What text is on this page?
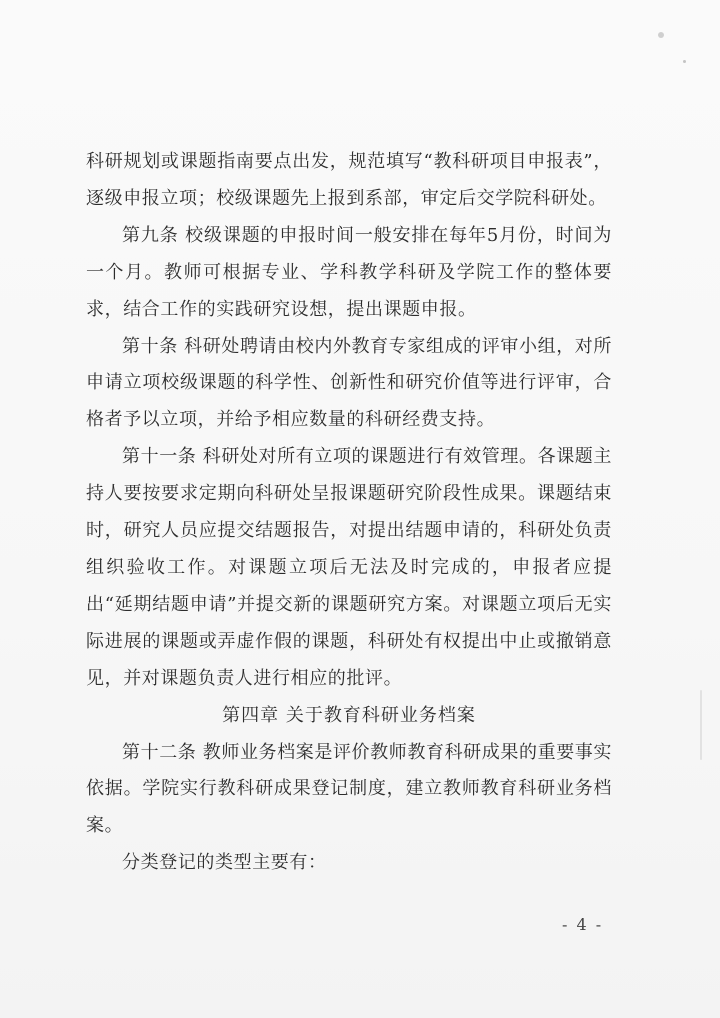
科研规划或课题指南要点出发，规范填写“教科研项目申报表”，逐级申报立项；校级课题先上报到系部，审定后交学院科研处。

第九条 校级课题的申报时间一般安排在每年5月份，时间为一个月。教师可根据专业、学科教学科研及学院工作的整体要求，结合工作的实践研究设想，提出课题申报。

第十条 科研处聘请由校内外教育专家组成的评审小组，对所申请立项校级课题的科学性、创新性和研究价值等进行评审，合格者予以立项，并给予相应数量的科研经费支持。

第十一条 科研处对所有立项的课题进行有效管理。各课题主持人要按要求定期向科研处呈报课题研究阶段性成果。课题结束时，研究人员应提交结题报告，对提出结题申请的，科研处负责组织验收工作。对课题立项后无法及时完成的，申报者应提出“延期结题申请”并提交新的课题研究方案。对课题立项后无实际进展的课题或弄虚作假的课题，科研处有权提出中止或撤销意见，并对课题负责人进行相应的批评。

第四章 关于教育科研业务档案

第十二条 教师业务档案是评价教师教育科研成果的重要事实依据。学院实行教科研成果登记制度，建立教师教育科研业务档案。

分类登记的类型主要有：

- 4 -
